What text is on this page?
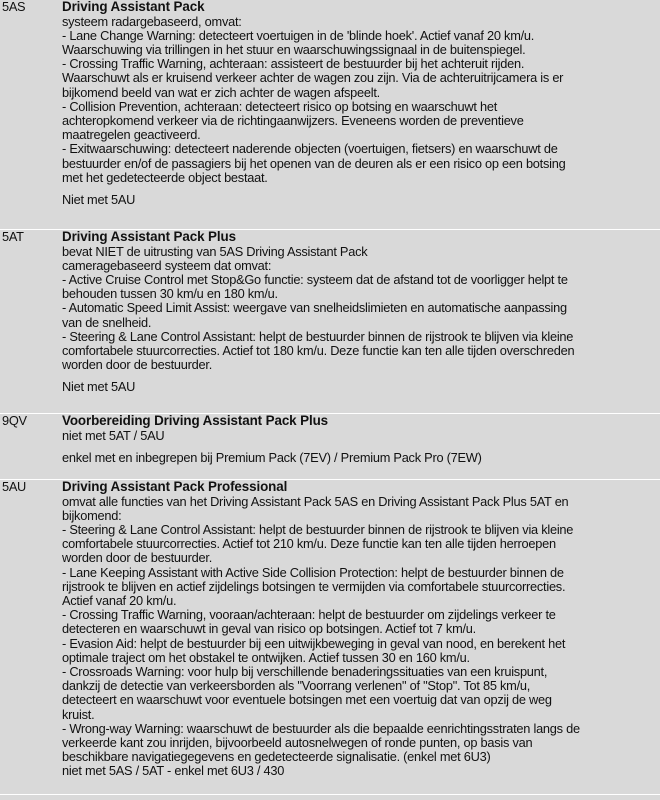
5AS	Driving Assistant Pack
systeem radargebaseerd, omvat:
- Lane Change Warning: detecteert voertuigen in de 'blinde hoek'. Actief vanaf 20 km/u.
Waarschuwing via trillingen in het stuur en waarschuwingssignaal in de buitenspiegel.
- Crossing Traffic Warning, achteraan: assisteert de bestuurder bij het achteruit rijden.
Waarschuwt als er kruisend verkeer achter de wagen zou zijn. Via de achteruitrijcamera is er
bijkomend beeld van wat er zich achter de wagen afspeelt.
- Collision Prevention, achteraan: detecteert risico op botsing en waarschuwt het
achteropkomend verkeer via de richtingaanwijzers. Eveneens worden de preventieve
maatregelen geactiveerd.
- Exitwaarschuwing: detecteert naderende objecten (voertuigen, fietsers) en waarschuwt de
bestuurder en/of de passagiers bij het openen van de deuren als er een risico op een botsing
met het gedetecteerde object bestaat.
Niet met 5AU
5AT	Driving Assistant Pack Plus
bevat NIET de uitrusting van 5AS Driving Assistant Pack
cameragebaseerd systeem dat omvat:
- Active Cruise Control met Stop&Go functie: systeem dat de afstand tot de voorligger helpt te
behouden tussen 30 km/u en 180 km/u.
- Automatic Speed Limit Assist: weergave van snelheidslimieten en automatische aanpassing
van de snelheid.
- Steering & Lane Control Assistant: helpt de bestuurder binnen de rijstrook te blijven via kleine
comfortabele stuurcorrecties. Actief tot 180 km/u. Deze functie kan ten alle tijden overschreden
worden door de bestuurder.
Niet met 5AU
9QV	Voorbereiding Driving Assistant Pack Plus
niet met 5AT / 5AU
enkel met en inbegrepen bij Premium Pack (7EV) / Premium Pack Pro (7EW)
5AU	Driving Assistant Pack Professional
omvat alle functies van het Driving Assistant Pack 5AS en Driving Assistant Pack Plus 5AT en
bijkomend:
- Steering & Lane Control Assistant: helpt de bestuurder binnen de rijstrook te blijven via kleine
comfortabele stuurcorrecties. Actief tot 210 km/u. Deze functie kan ten alle tijden herroepen
worden door de bestuurder.
- Lane Keeping Assistant with Active Side Collision Protection: helpt de bestuurder binnen de
rijstrook te blijven en actief zijdelings botsingen te vermijden via comfortabele stuurcorrecties.
Actief vanaf 20 km/u.
- Crossing Traffic Warning, vooraan/achteraan: helpt de bestuurder om zijdelings verkeer te
detecteren en waarschuwt in geval van risico op botsingen. Actief tot 7 km/u.
- Evasion Aid: helpt de bestuurder bij een uitwijkbeweging in geval van nood, en berekent het
optimale traject om het obstakel te ontwijken. Actief tussen 30 en 160 km/u.
- Crossroads Warning: voor hulp bij verschillende benaderingssituaties van een kruispunt,
dankzij de detectie van verkeersborden als "Voorrang verlenen" of "Stop". Tot 85 km/u,
detecteert en waarschuwt voor eventuele botsingen met een voertuig dat van opzij de weg
kruist.
- Wrong-way Warning: waarschuwt de bestuurder als die bepaalde eenrichtingsstraten langs de
verkeerde kant zou inrijden, bijvoorbeeld autosnelwegen of ronde punten, op basis van
beschikbare navigatiegegevens en gedetecteerde signalisatie. (enkel met 6U3)
niet met 5AS / 5AT - enkel met 6U3 / 430
